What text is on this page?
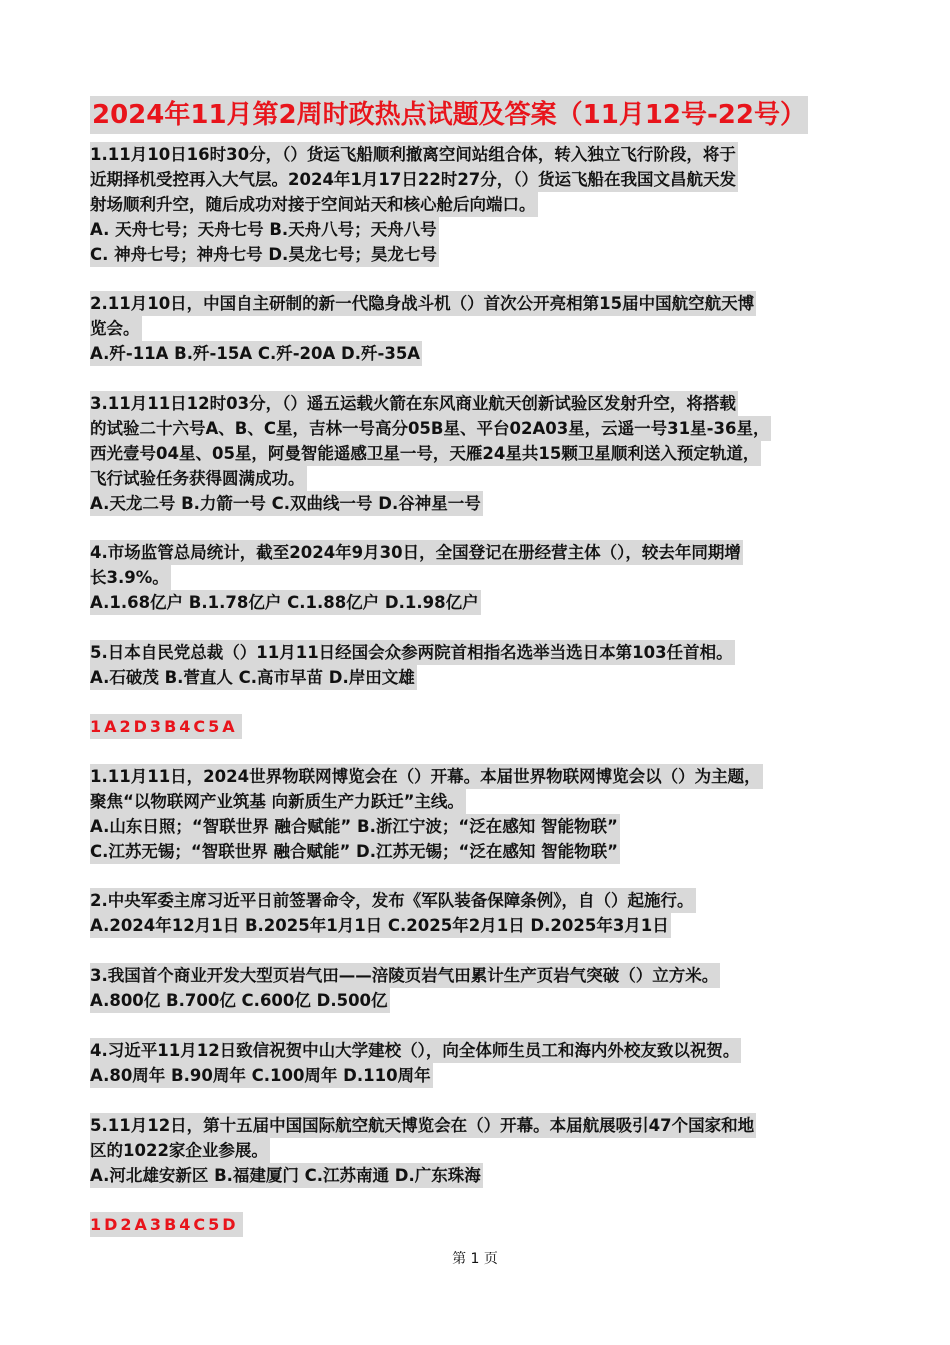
2024年11月第2周时政热点试题及答案（11月12号-22号）
1.11月10日16时30分，（）货运飞船顺利撤离空间站组合体，转入独立飞行阶段，将于
近期择机受控再入大气层。2024年1月17日22时27分，（）货运飞船在我国文昌航天发
射场顺利升空，随后成功对接于空间站天和核心舱后向端口。
A. 天舟七号；天舟七号 B.天舟八号；天舟八号
C. 神舟七号；神舟七号 D.昊龙七号；昊龙七号
2.11月10日，中国自主研制的新一代隐身战斗机（）首次公开亮相第15届中国航空航天博
览会。
A.歼-11A B.歼-15A C.歼-20A D.歼-35A
3.11月11日12时03分，（）遥五运载火箭在东风商业航天创新试验区发射升空，将搭载
的试验二十六号A、B、C星，吉林一号高分05B星、平台02A03星，云遥一号31星-36星，
西光壹号04星、05星，阿曼智能遥感卫星一号，天雁24星共15颗卫星顺利送入预定轨道，
飞行试验任务获得圆满成功。
A.天龙二号 B.力箭一号 C.双曲线一号 D.谷神星一号
4.市场监管总局统计，截至2024年9月30日，全国登记在册经营主体（），较去年同期增
长3.9%。
A.1.68亿户 B.1.78亿户 C.1.88亿户 D.1.98亿户
5.日本自民党总裁（）11月11日经国会众参两院首相指名选举当选日本第103任首相。
A.石破茂 B.菅直人 C.高市早苗 D.岸田文雄
1A2D3B4C5A
1.11月11日，2024世界物联网博览会在（）开幕。本届世界物联网博览会以（）为主题，
聚焦“以物联网产业筑基 向新质生产力跃迁”主线。
A.山东日照；“智联世界 融合赋能” B.浙江宁波；“泛在感知 智能物联”
C.江苏无锡；“智联世界 融合赋能” D.江苏无锡；“泛在感知 智能物联”
2.中央军委主席习近平日前签署命令，发布《军队装备保障条例》，自（）起施行。
A.2024年12月1日 B.2025年1月1日 C.2025年2月1日 D.2025年3月1日
3.我国首个商业开发大型页岩气田——涪陵页岩气田累计生产页岩气突破（）立方米。
A.800亿 B.700亿 C.600亿 D.500亿
4.习近平11月12日致信祝贺中山大学建校（），向全体师生员工和海内外校友致以祝贺。
A.80周年 B.90周年 C.100周年 D.110周年
5.11月12日，第十五届中国国际航空航天博览会在（）开幕。本届航展吸引47个国家和地
区的1022家企业参展。
A.河北雄安新区 B.福建厦门 C.江苏南通 D.广东珠海
1D2A3B4C5D
第 1 页
